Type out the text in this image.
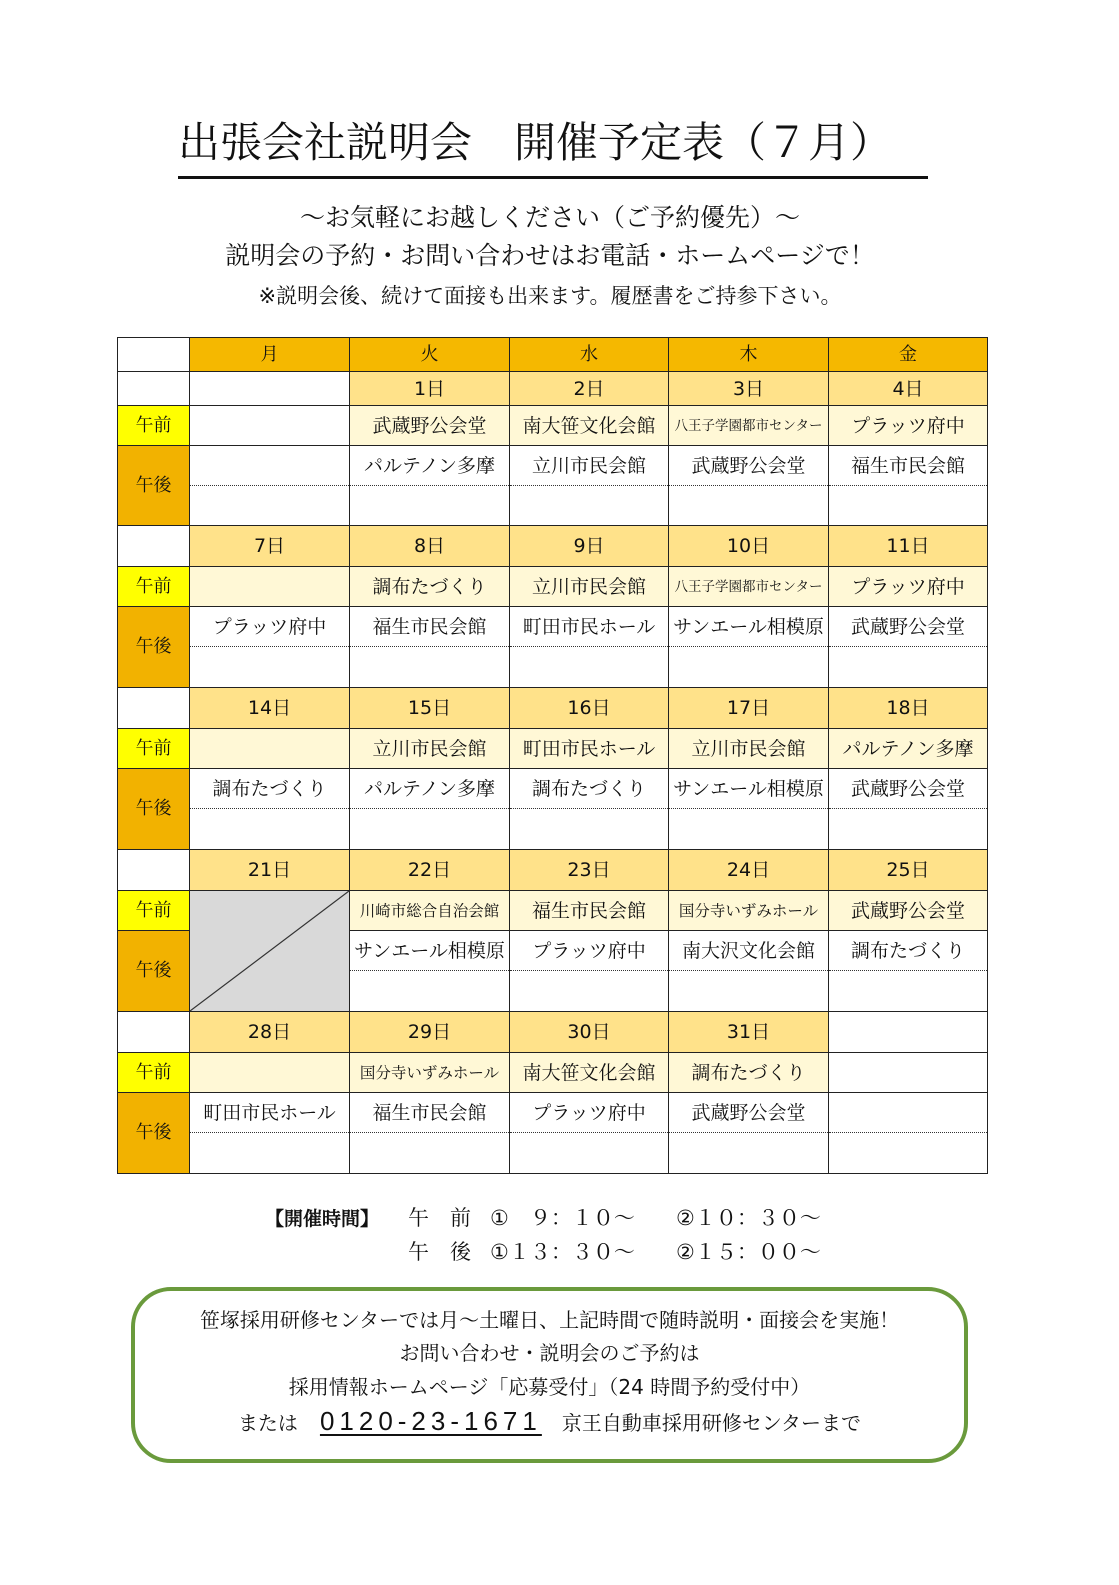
出張会社説明会　開催予定表（７月）
～お気軽にお越しください（ご予約優先）～
説明会の予約・お問い合わせはお電話・ホームページで！
※説明会後、続けて面接も出来ます。履歴書をご持参下さい。
	月	火	水	木	金
		1日	2日	3日	4日
午前		武蔵野公会堂	南大笹文化会館	八王子学園都市センター	プラッツ府中
午後		パルテノン多摩	立川市民会館	武蔵野公会堂	福生市民会館

	7日	8日	9日	10日	11日
午前		調布たづくり	立川市民会館	八王子学園都市センター	プラッツ府中
午後	プラッツ府中	福生市民会館	町田市民ホール	サンエール相模原	武蔵野公会堂

	14日	15日	16日	17日	18日
午前		立川市民会館	町田市民ホール	立川市民会館	パルテノン多摩
午後	調布たづくり	パルテノン多摩	調布たづくり	サンエール相模原	武蔵野公会堂

	21日	22日	23日	24日	25日
午前		川崎市総合自治会館	福生市民会館	国分寺いずみホール	武蔵野公会堂
午後		サンエール相模原	プラッツ府中	南大沢文化会館	調布たづくり

	28日	29日	30日	31日	
午前		国分寺いずみホール	南大笹文化会館	調布たづくり	
午後	町田市民ホール	福生市民会館	プラッツ府中	武蔵野公会堂	

【開催時間】 午　前 ①　９：１０～ ②１０：３０～
午　後 ①１３：３０～ ②１５：００～
笹塚採用研修センターでは月～土曜日、上記時間で随時説明・面接会を実施！
お問い合わせ・説明会のご予約は
採用情報ホームページ「応募受付」（24 時間予約受付中）
または 0120-23-1671 京王自動車採用研修センターまで
